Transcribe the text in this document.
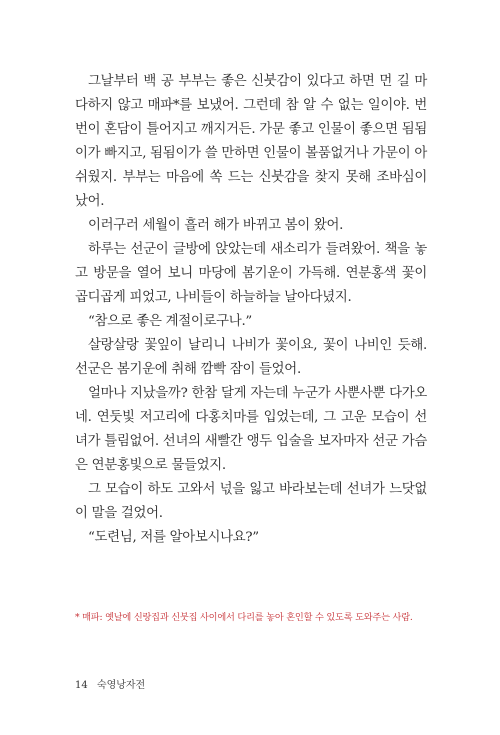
그날부터 백 공 부부는 좋은 신붓감이 있다고 하면 먼 길 마다하지 않고 매파*를 보냈어. 그런데 참 알 수 없는 일이야. 번번이 혼담이 틀어지고 깨지거든. 가문 좋고 인물이 좋으면 됨됨이가 빠지고, 됨됨이가 쓸 만하면 인물이 볼품없거나 가문이 아쉬웠지. 부부는 마음에 쏙 드는 신붓감을 찾지 못해 조바심이 났어.

이러구러 세월이 흘러 해가 바뀌고 봄이 왔어.

하루는 선군이 글방에 앉았는데 새소리가 들려왔어. 책을 놓고 방문을 열어 보니 마당에 봄기운이 가득해. 연분홍색 꽃이 곱디곱게 피었고, 나비들이 하늘하늘 날아다녔지.

“참으로 좋은 계절이로구나.”

살랑살랑 꽃잎이 날리니 나비가 꽃이요, 꽃이 나비인 듯해. 선군은 봄기운에 취해 깜빡 잠이 들었어.

얼마나 지났을까? 한참 달게 자는데 누군가 사뿐사뿐 다가오네. 연둣빛 저고리에 다홍치마를 입었는데, 그 고운 모습이 선녀가 틀림없어. 선녀의 새빨간 앵두 입술을 보자마자 선군 가슴은 연분홍빛으로 물들었지.

그 모습이 하도 고와서 넋을 잃고 바라보는데 선녀가 느닷없이 말을 걸었어.

“도련님, 저를 알아보시나요?”

* 매파: 옛날에 신랑집과 신붓집 사이에서 다리를 놓아 혼인할 수 있도록 도와주는 사람.
14 숙영낭자전
